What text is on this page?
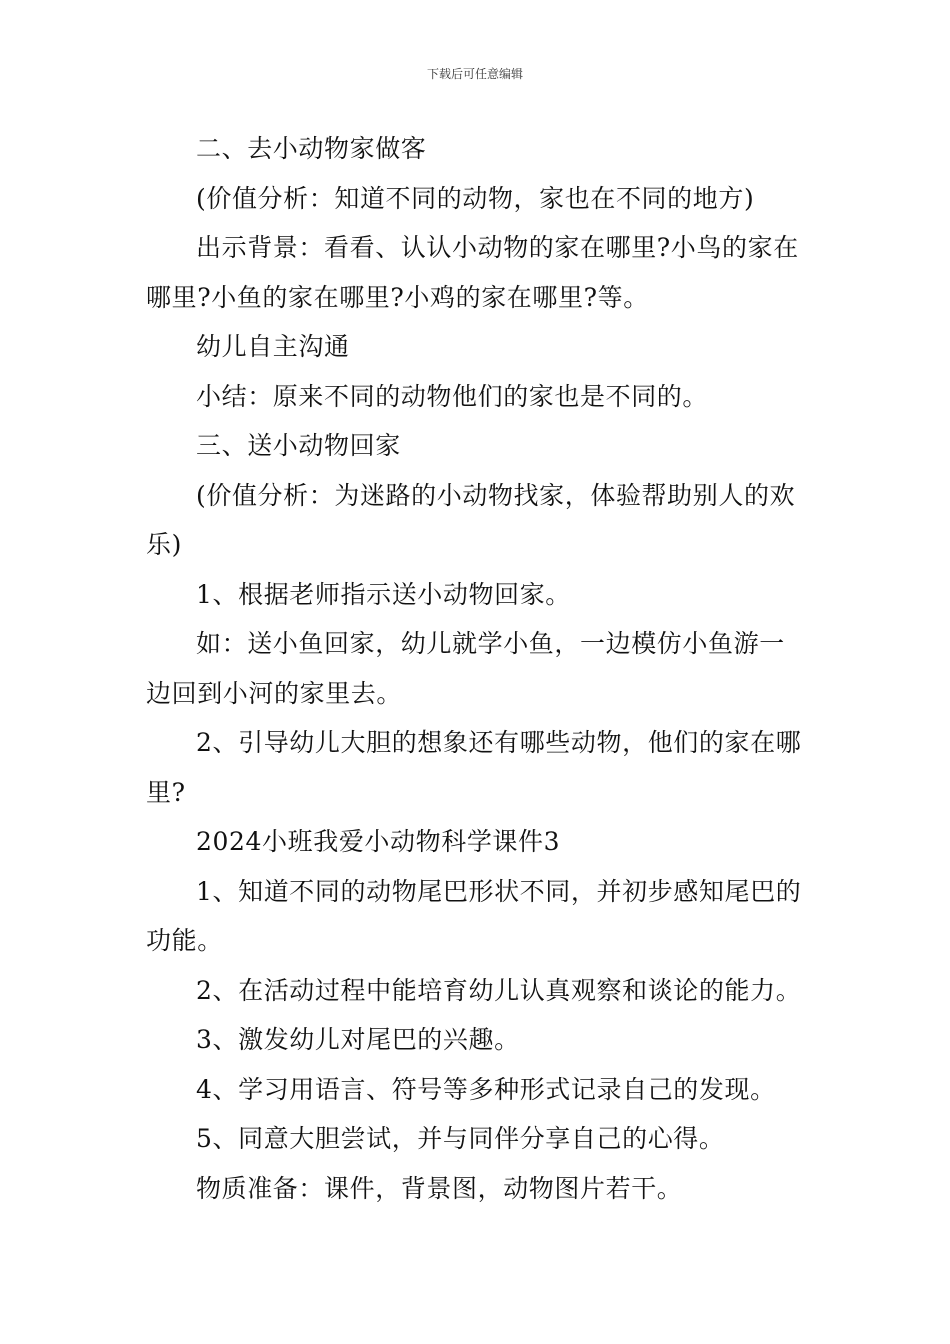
下载后可任意编辑

二、去小动物家做客

(价值分析：知道不同的动物，家也在不同的地方)

出示背景：看看、认认小动物的家在哪里?小鸟的家在哪里?小鱼的家在哪里?小鸡的家在哪里?等。

幼儿自主沟通

小结：原来不同的动物他们的家也是不同的。

三、送小动物回家

(价值分析：为迷路的小动物找家，体验帮助别人的欢乐)

1、根据老师指示送小动物回家。

如：送小鱼回家，幼儿就学小鱼，一边模仿小鱼游一边回到小河的家里去。

2、引导幼儿大胆的想象还有哪些动物，他们的家在哪里?

2024小班我爱小动物科学课件3

1、知道不同的动物尾巴形状不同，并初步感知尾巴的功能。

2、在活动过程中能培育幼儿认真观察和谈论的能力。

3、激发幼儿对尾巴的兴趣。

4、学习用语言、符号等多种形式记录自己的发现。

5、同意大胆尝试，并与同伴分享自己的心得。

物质准备：课件，背景图，动物图片若干。
